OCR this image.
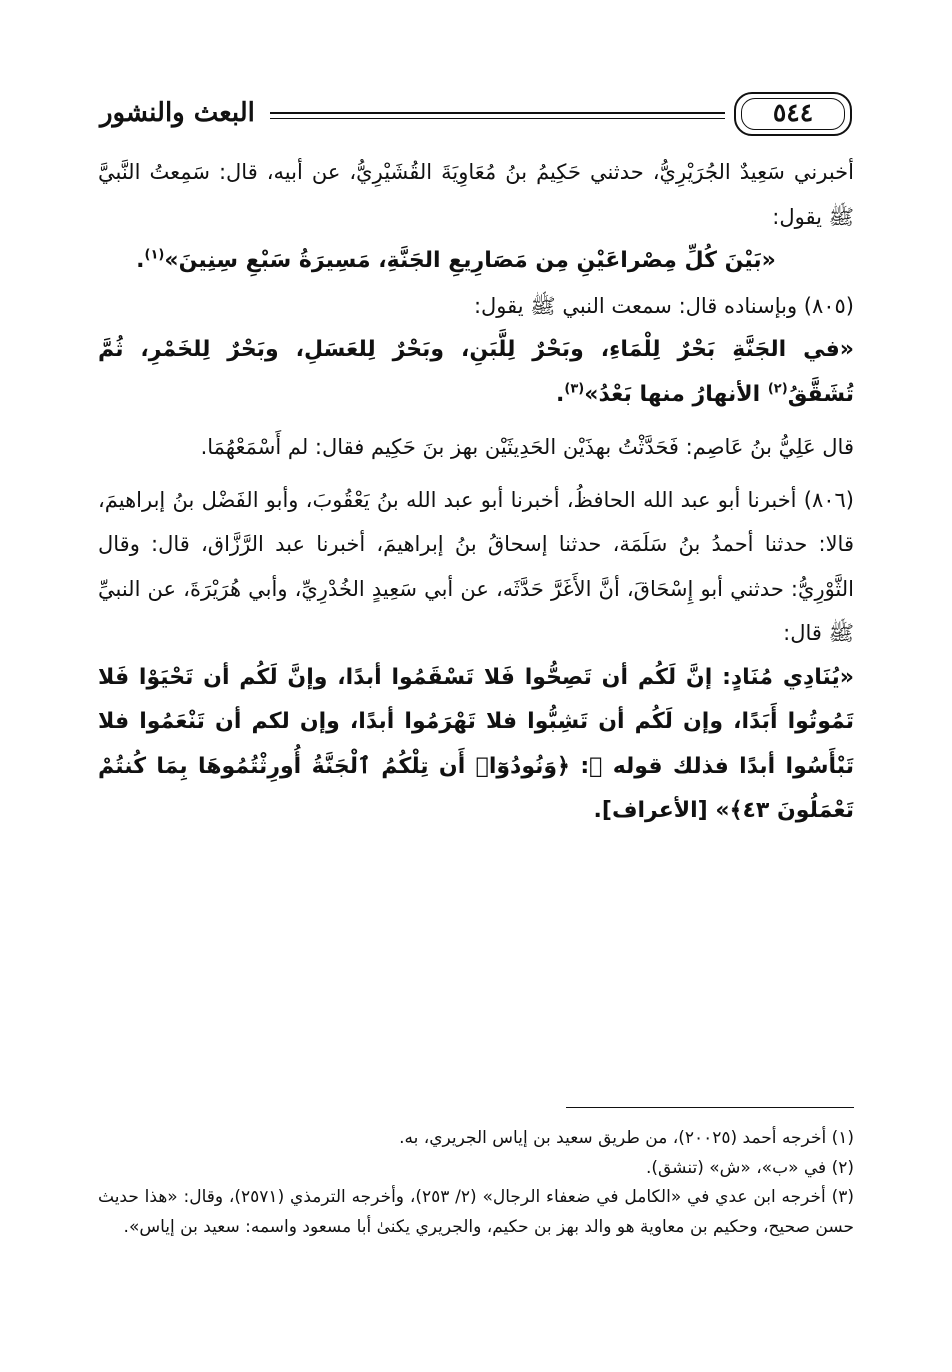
البعث والنشور	٥٤٤

أخبرني سَعِيدٌ الجُرَيْرِيُّ، حدثني حَكِيمُ بنُ مُعَاوِيَةَ القُشَيْرِيُّ، عن أبيه، قال: سَمِعتُ النَّبيَّ ﷺ يقول:

«بَيْنَ كُلِّ مِصْراعَيْنِ مِن مَصَارِيعِ الجَنَّةِ، مَسِيرَةُ سَبْعِ سِنِينَ»$^{(١)}$.

(٨٠٥) وبإسناده قال: سمعت النبي ﷺ يقول:

«في الجَنَّةِ بَحْرٌ لِلْمَاءِ، وبَحْرٌ لِلَّبَنِ، وبَحْرٌ لِلعَسَلِ، وبَحْرٌ لِلخَمْرِ، ثُمَّ تُشَقَّقُ$^{(٢)}$ الأنهارُ منها بَعْدُ»$^{(٣)}$.

قال عَلِيُّ بنُ عَاصِم: فَحَدَّثْتُ بهذَيْن الحَدِيثَيْن بهز بنَ حَكِيم فقال: لم أَسْمَعْهُمَا.

(٨٠٦) أخبرنا أبو عبد الله الحافظُ، أخبرنا أبو عبد الله بنُ يَعْقُوبَ، وأبو الفَضْل بنُ إبراهيمَ، قالا: حدثنا أحمدُ بنُ سَلَمَة، حدثنا إسحاقُ بنُ إبراهيمَ، أخبرنا عبد الرَّزَّاق، قال: وقال الثَّوْرِيُّ: حدثني أبو إِسْحَاقَ، أنَّ الأَغَرَّ حَدَّثَه، عن أبي سَعِيدٍ الخُدْرِيِّ، وأبي هُرَيْرَةَ، عن النبيِّ ﷺ قال:

«يُنَادِي مُنَادٍ: إنَّ لَكُم أن تَصِحُّوا فَلا تَسْقَمُوا أبدًا، وإنَّ لَكُم أن تَحْيَوْا فَلا تَمُوتُوا أَبَدًا، وإن لَكُم أن تَشِبُّوا فلا تَهْرَمُوا أبدًا، وإن لكم أن تَنْعَمُوا فلا تَبْأَسُوا أبدًا فذلك قوله ﷻ: ﴿وَنُودُوٓا۟ أَن تِلْكُمُ ٱلْجَنَّةُ أُورِثْتُمُوهَا بِمَا كُنتُمْ تَعْمَلُونَ ٤٣﴾» [الأعراف].

(١) أخرجه أحمد (٢٠٠٢٥)، من طريق سعيد بن إياس الجريري، به.

(٢) في «ب»، «ش» (تنشق).

(٣) أخرجه ابن عدي في «الكامل في ضعفاء الرجال» (٢/ ٢٥٣)، وأخرجه الترمذي (٢٥٧١)، وقال: «هذا حديث حسن صحيح، وحكيم بن معاوية هو والد بهز بن حكيم، والجريري يكنىٰ أبا مسعود واسمه: سعيد بن إياس».
